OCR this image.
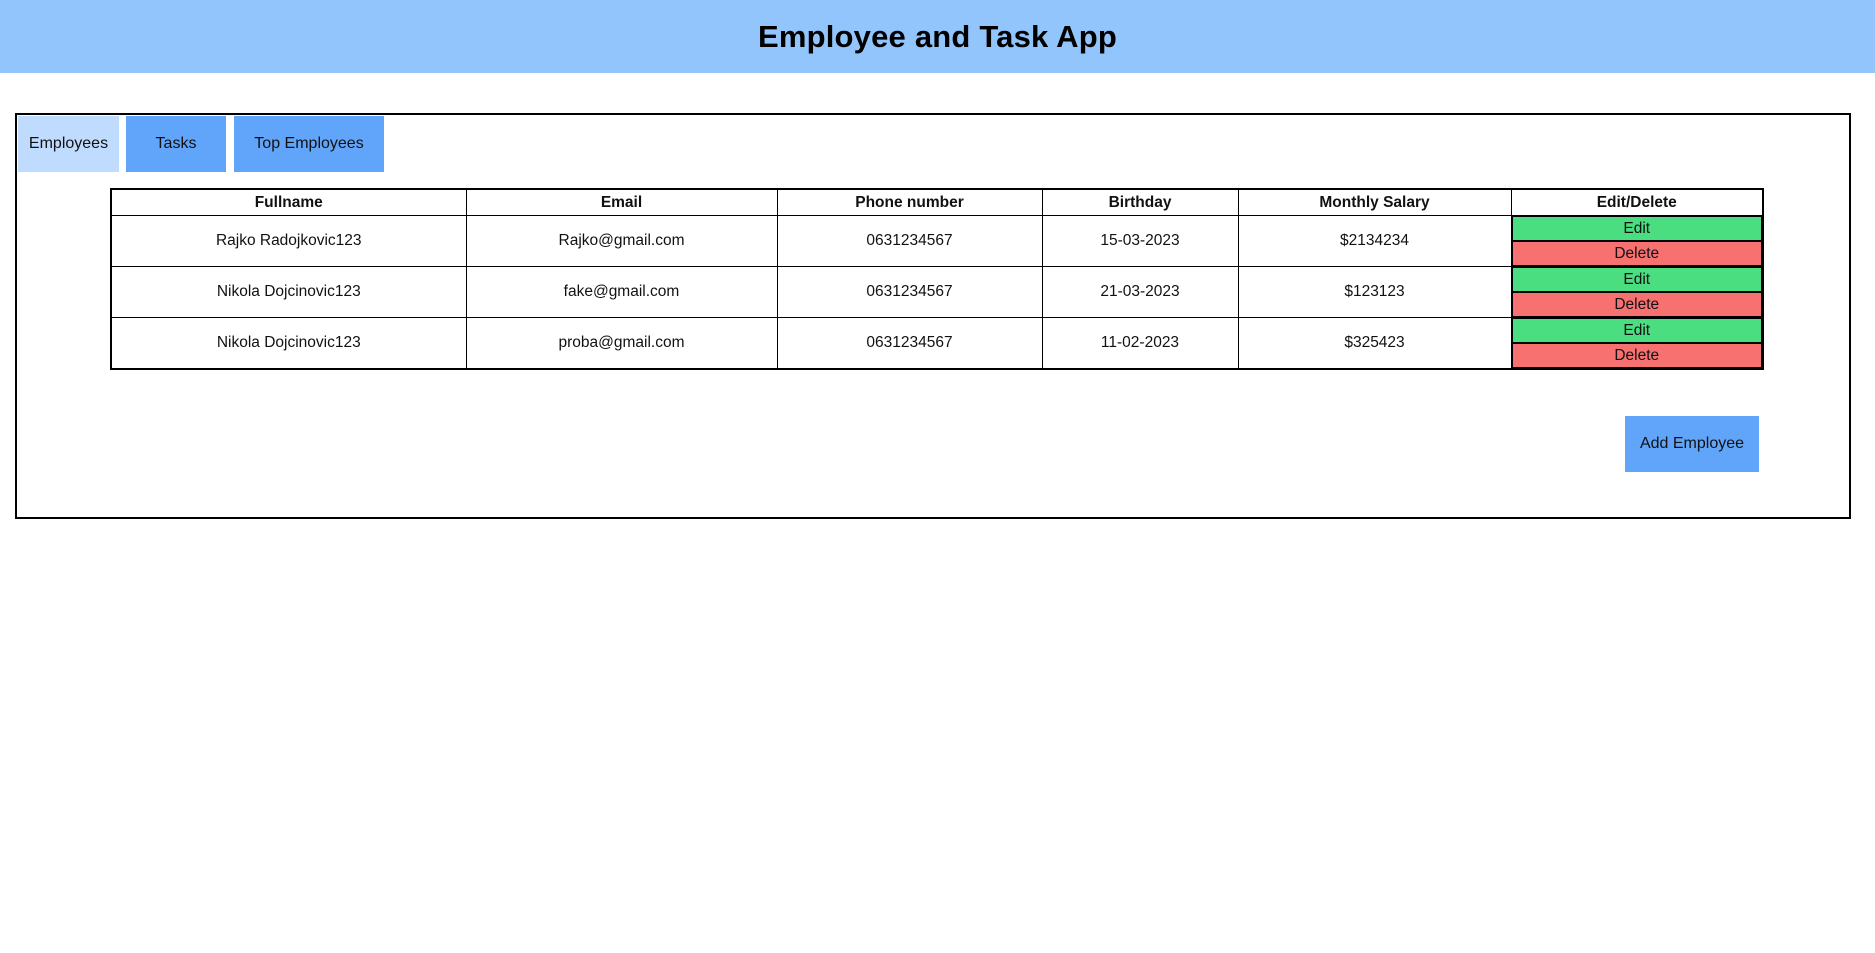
Employee and Task App
Employees	Tasks	Top Employees
Fullname	Email	Phone number	Birthday	Monthly Salary	Edit/Delete
Rajko Radojkovic123	Rajko@gmail.com	0631234567	15-03-2023	$2134234	Edit
Delete

Nikola Dojcinovic123	fake@gmail.com	0631234567	21-03-2023	$123123	Edit
Delete

Nikola Dojcinovic123	proba@gmail.com	0631234567	11-02-2023	$325423	Edit
Delete
Add Employee
